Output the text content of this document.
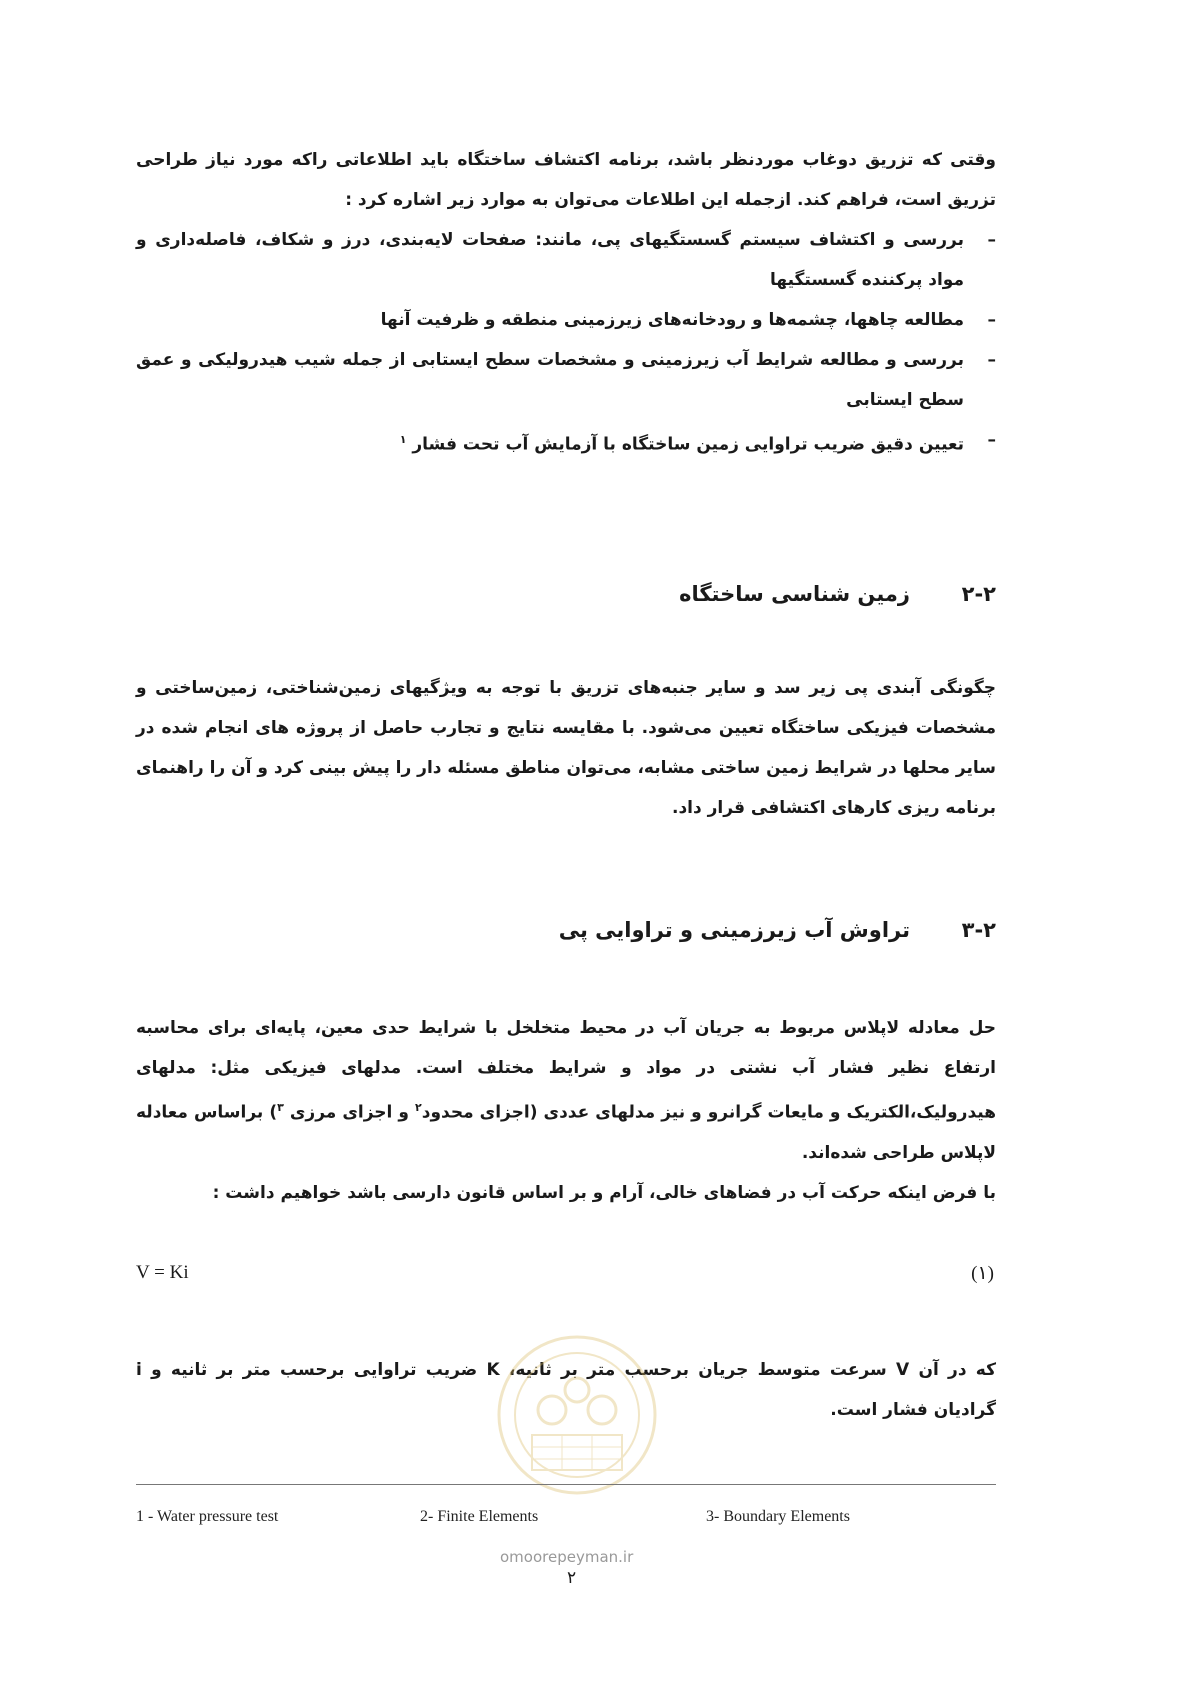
وقتی که تزریق دوغاب موردنظر باشد، برنامه اکتشاف ساختگاه باید اطلاعاتی راکه مورد نیاز طراحی تزریق است، فراهم کند. ازجمله این اطلاعات می‌توان به موارد زیر اشاره کرد :

–
بررسی و اکتشاف سیستم گسستگیهای پی، مانند: صفحات لایه‌بندی، درز و شکاف، فاصله‌داری و مواد پرکننده گسستگیها

–
مطالعه چاهها، چشمه‌ها و رودخانه‌های زیرزمینی منطقه و ظرفیت آنها

–
بررسی و مطالعه شرایط آب زیرزمینی و مشخصات سطح ایستابی از جمله شیب هیدرولیکی و عمق سطح ایستابی

–
تعیین دقیق ضریب تراوایی زمین ساختگاه با آزمایش آب تحت فشار $^۱$

۲-۲زمین شناسی ساختگاه

چگونگی آبندی پی زیر سد و سایر جنبه‌های تزریق با توجه به ویژگیهای زمین‌شناختی، زمین‌ساختی و مشخصات فیزیکی ساختگاه تعیین می‌شود. با مقایسه نتایج و تجارب حاصل از پروژه های انجام شده در سایر محلها در شرایط زمین ساختی مشابه، می‌توان مناطق مسئله دار را پیش بینی کرد و آن را راهنمای برنامه ریزی کارهای اکتشافی قرار داد.

۳-۲تراوش آب زیرزمینی و تراوایی پی

حل معادله لاپلاس مربوط به جریان آب در محیط متخلخل با شرایط حدی معین، پایه‌ای برای محاسبه ارتفاع نظیر فشار آب نشتی در مواد و شرایط مختلف است. مدلهای فیزیکی مثل: مدلهای هیدرولیک،الکتریک و مایعات گرانرو و نیز مدلهای عددی (اجزای محدود$^۲$ و اجزای مرزی $^۳$) براساس معادله لاپلاس طراحی شده‌اند.

با فرض اینکه حرکت آب در فضاهای خالی، آرام و بر اساس قانون دارسی باشد خواهیم داشت :

V = Ki	(۱)

که در آن V سرعت متوسط جریان برحسب متر بر ثانیه، K ضریب تراوایی برحسب متر بر ثانیه و i گرادیان فشار است.

1 - Water pressure test	2- Finite Elements	3- Boundary Elements
omoorepeyman.ir
۲
